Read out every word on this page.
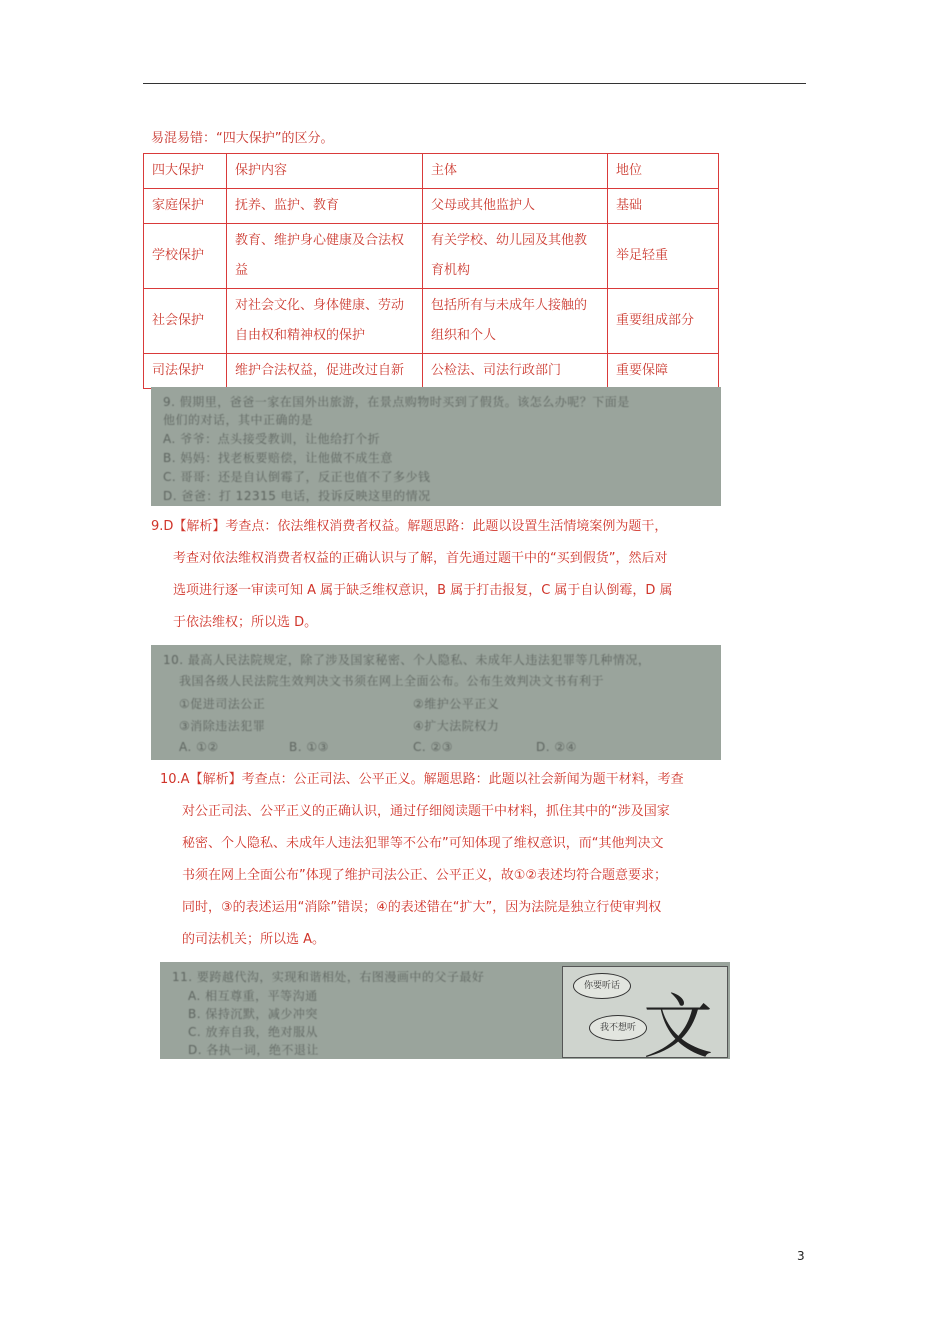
易混易错：“四大保护”的区分。
四大保护	保护内容	主体	地位
家庭保护	抚养、监护、教育	父母或其他监护人	基础
学校保护	教育、维护身心健康及合法权益	有关学校、幼儿园及其他教育机构	举足轻重
社会保护	对社会文化、身体健康、劳动自由权和精神权的保护	包括所有与未成年人接触的组织和个人	重要组成部分
司法保护	维护合法权益，促进改过自新	公检法、司法行政部门	重要保障
9. 假期里，爸爸一家在国外出旅游，在景点购物时买到了假货。该怎么办呢？下面是
他们的对话，其中正确的是
A. 爷爷：点头接受教训，让他给打个折
B. 妈妈：找老板要赔偿，让他做不成生意
C. 哥哥：还是自认倒霉了，反正也值不了多少钱
D. 爸爸：打 12315 电话，投诉反映这里的情况

9.D【解析】考查点：依法维权消费者权益。解题思路：此题以设置生活情境案例为题干，

考查对依法维权消费者权益的正确认识与了解，首先通过题干中的“买到假货”，然后对

选项进行逐一审读可知 A 属于缺乏维权意识，B 属于打击报复，C 属于自认倒霉，D 属

于依法维权；所以选 D。

10. 最高人民法院规定，除了涉及国家秘密、个人隐私、未成年人违法犯罪等几种情况，
我国各级人民法院生效判决文书须在网上全面公布。公布生效判决文书有利于
①促进司法公正	②维护公平正义
③消除违法犯罪	④扩大法院权力
A. ①②	B. ①③	C. ②③	D. ②④

10.A【解析】考查点：公正司法、公平正义。解题思路：此题以社会新闻为题干材料，考查

对公正司法、公平正义的正确认识，通过仔细阅读题干中材料，抓住其中的“涉及国家

秘密、个人隐私、未成年人违法犯罪等不公布”可知体现了维权意识，而“其他判决文

书须在网上全面公布”体现了维护司法公正、公平正义，故①②表述均符合题意要求；

同时，③的表述运用“消除”错误；④的表述错在“扩大”，因为法院是独立行使审判权

的司法机关；所以选 A。

11. 要跨越代沟，实现和谐相处，右图漫画中的父子最好
A. 相互尊重，平等沟通
B. 保持沉默，减少冲突
C. 放弃自我，绝对服从
D. 各执一词，绝不退让
你要听话
我不想听 文
3
